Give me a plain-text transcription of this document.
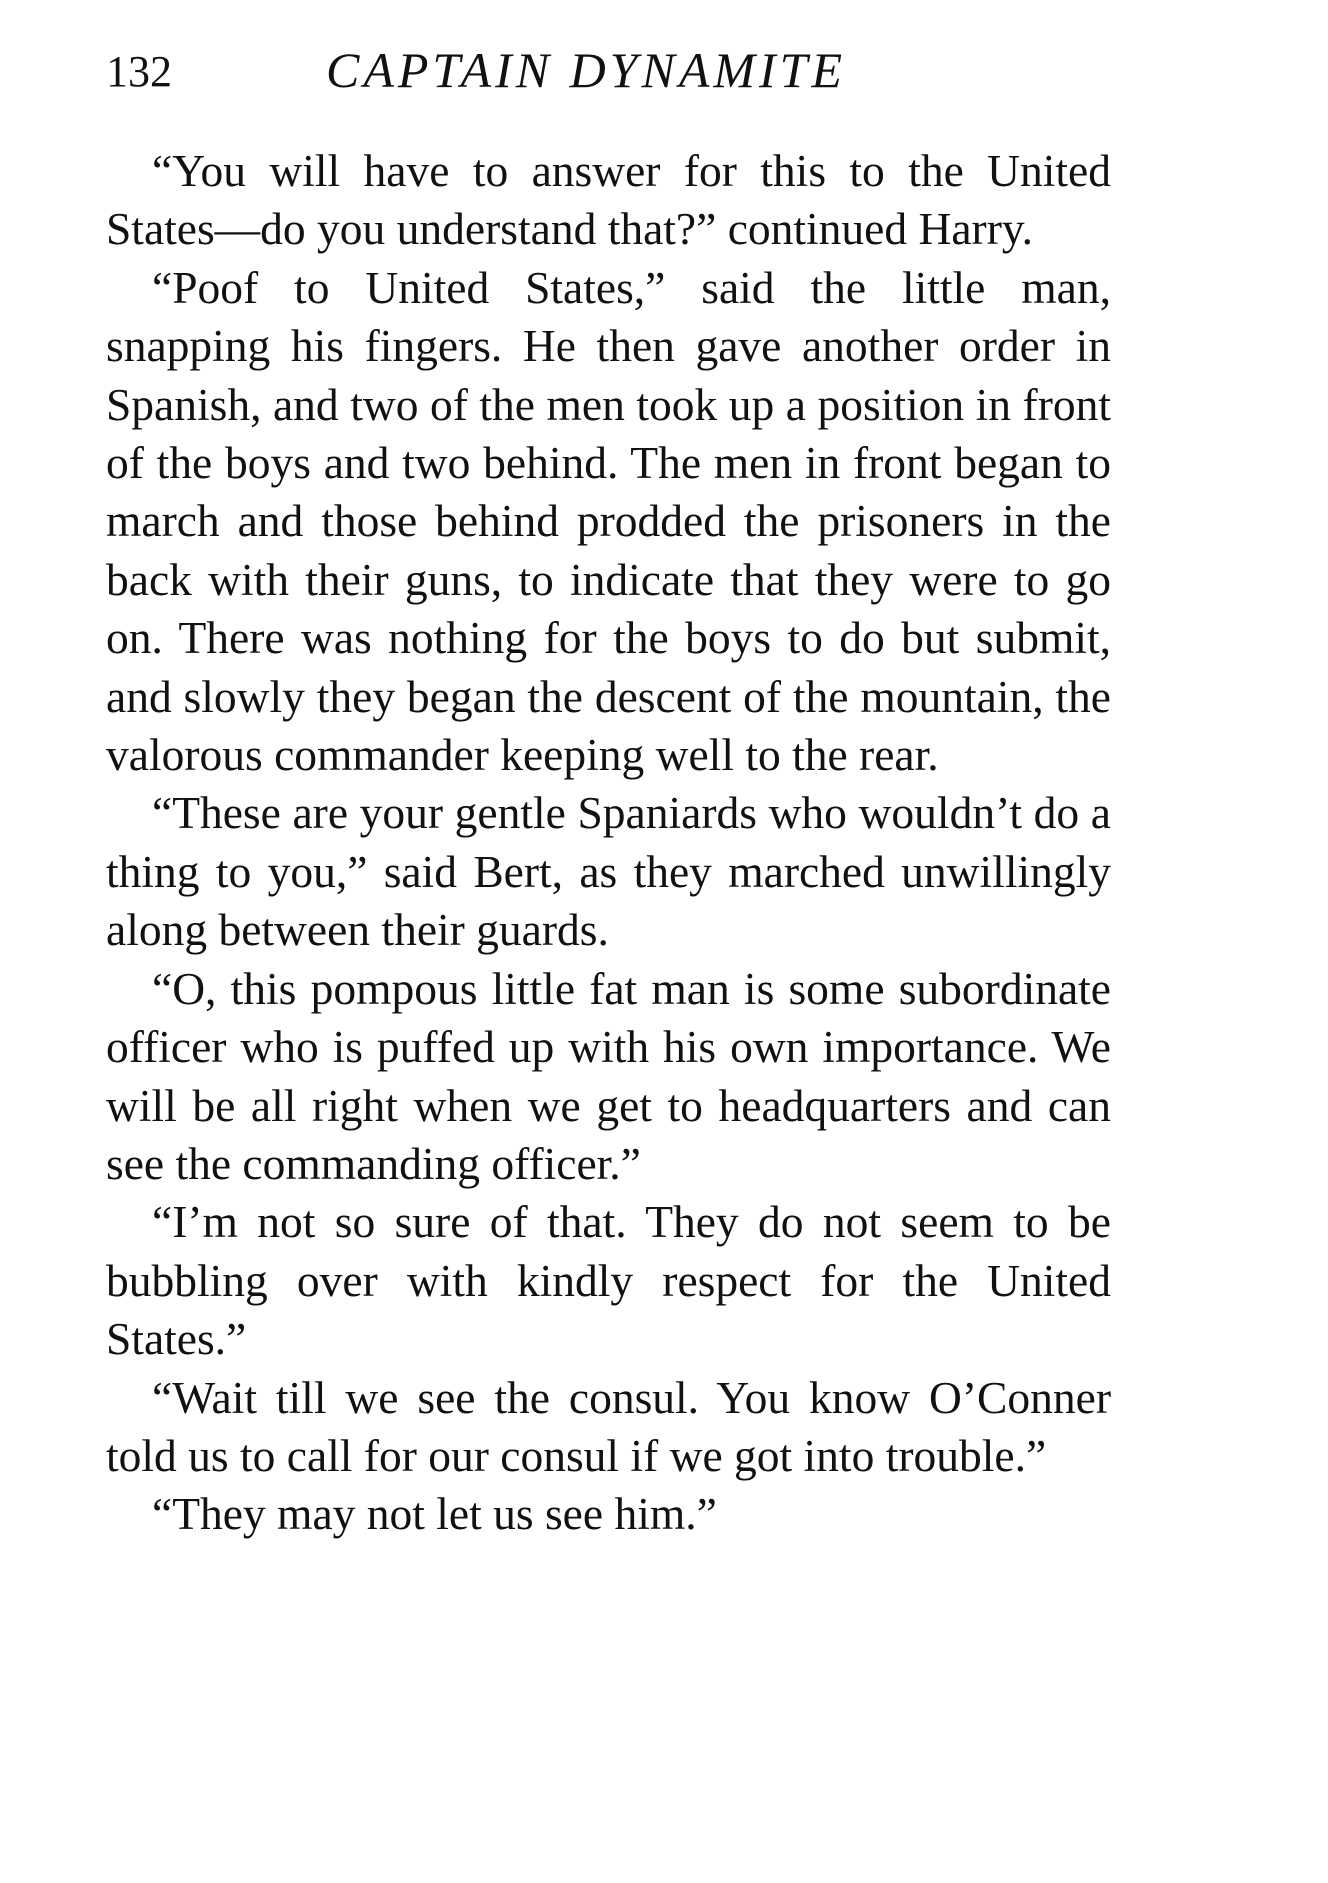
132	CAPTAIN DYNAMITE

“You will have to answer for this to the United States—do you understand that?” continued Harry.

“Poof to United States,” said the little man, snapping his fingers. He then gave another order in Spanish, and two of the men took up a position in front of the boys and two behind. The men in front began to march and those behind prodded the prisoners in the back with their guns, to indicate that they were to go on. There was nothing for the boys to do but submit, and slowly they began the descent of the mountain, the valorous commander keeping well to the rear.

“These are your gentle Spaniards who wouldn’t do a thing to you,” said Bert, as they marched unwillingly along between their guards.

“O, this pompous little fat man is some subordinate officer who is puffed up with his own importance. We will be all right when we get to headquarters and can see the commanding officer.”

“I’m not so sure of that. They do not seem to be bubbling over with kindly respect for the United States.”

“Wait till we see the consul. You know O’Conner told us to call for our consul if we got into trouble.”

“They may not let us see him.”
